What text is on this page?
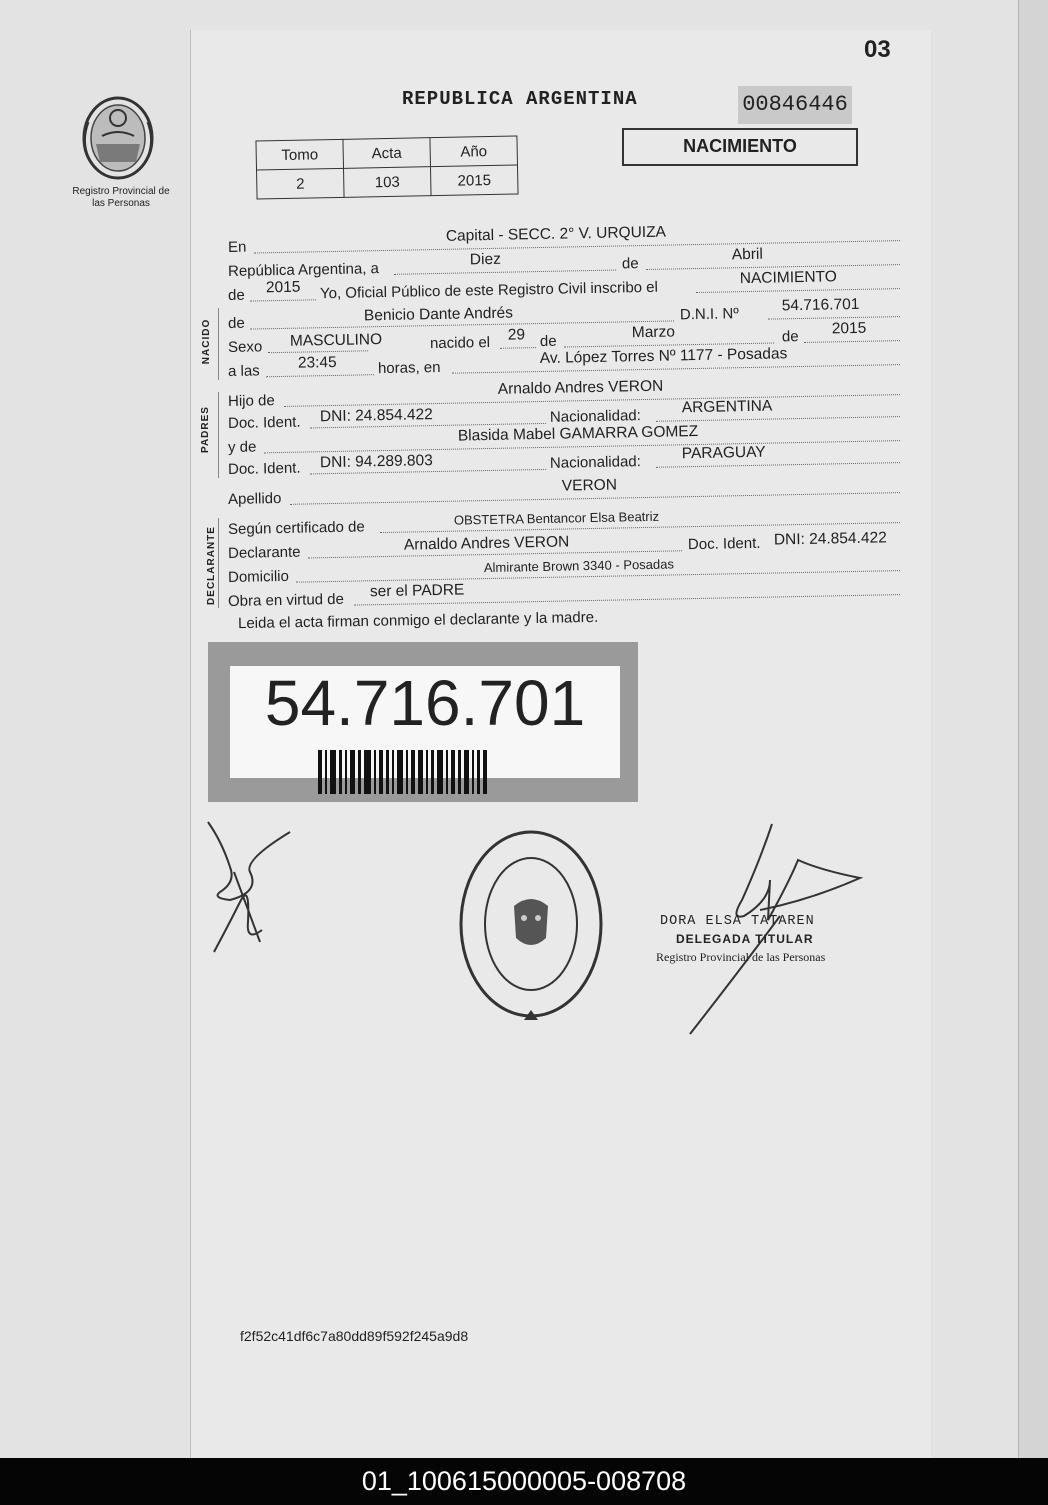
03
Registro Provincial de las Personas
REPUBLICA ARGENTINA	00846446
NACIMIENTO
Tomo	Acta	Año
2	103	2015
En
Capital - SECC. 2° V. URQUIZA
República Argentina, a
Diez	de
Abril
de 2015 Yo, Oficial Público de este Registro Civil inscribo el
NACIMIENTO
de	Benicio Dante Andrés	D.N.I. Nº	54.716.701
Sexo MASCULINO	nacido el 29 de
Marzo	de 2015
a las 23:45	horas, en
Av. López Torres Nº 1177 - Posadas
Hijo de
Arnaldo Andres VERON
Doc. Ident. DNI: 24.854.422	Nacionalidad:
ARGENTINA
y de
Blasida Mabel GAMARRA GOMEZ
Doc. Ident. DNI: 94.289.803	Nacionalidad:
PARAGUAY
Apellido
VERON
Según certificado de
OBSTETRA Bentancor Elsa Beatriz
Declarante	Arnaldo Andres VERON	Doc. Ident. DNI: 24.854.422
Domicilio
Almirante Brown 3340 - Posadas
Obra en virtud de ser el PADRE
NACIDO
PADRES
DECLARANTE
Leida el acta firman conmigo el declarante y la madre.
54.716.701
DORA ELSA TATAREN
DELEGADA TITULAR
Registro Provincial de las Personas
f2f52c41df6c7a80dd89f592f245a9d8
01_100615000005-008708
